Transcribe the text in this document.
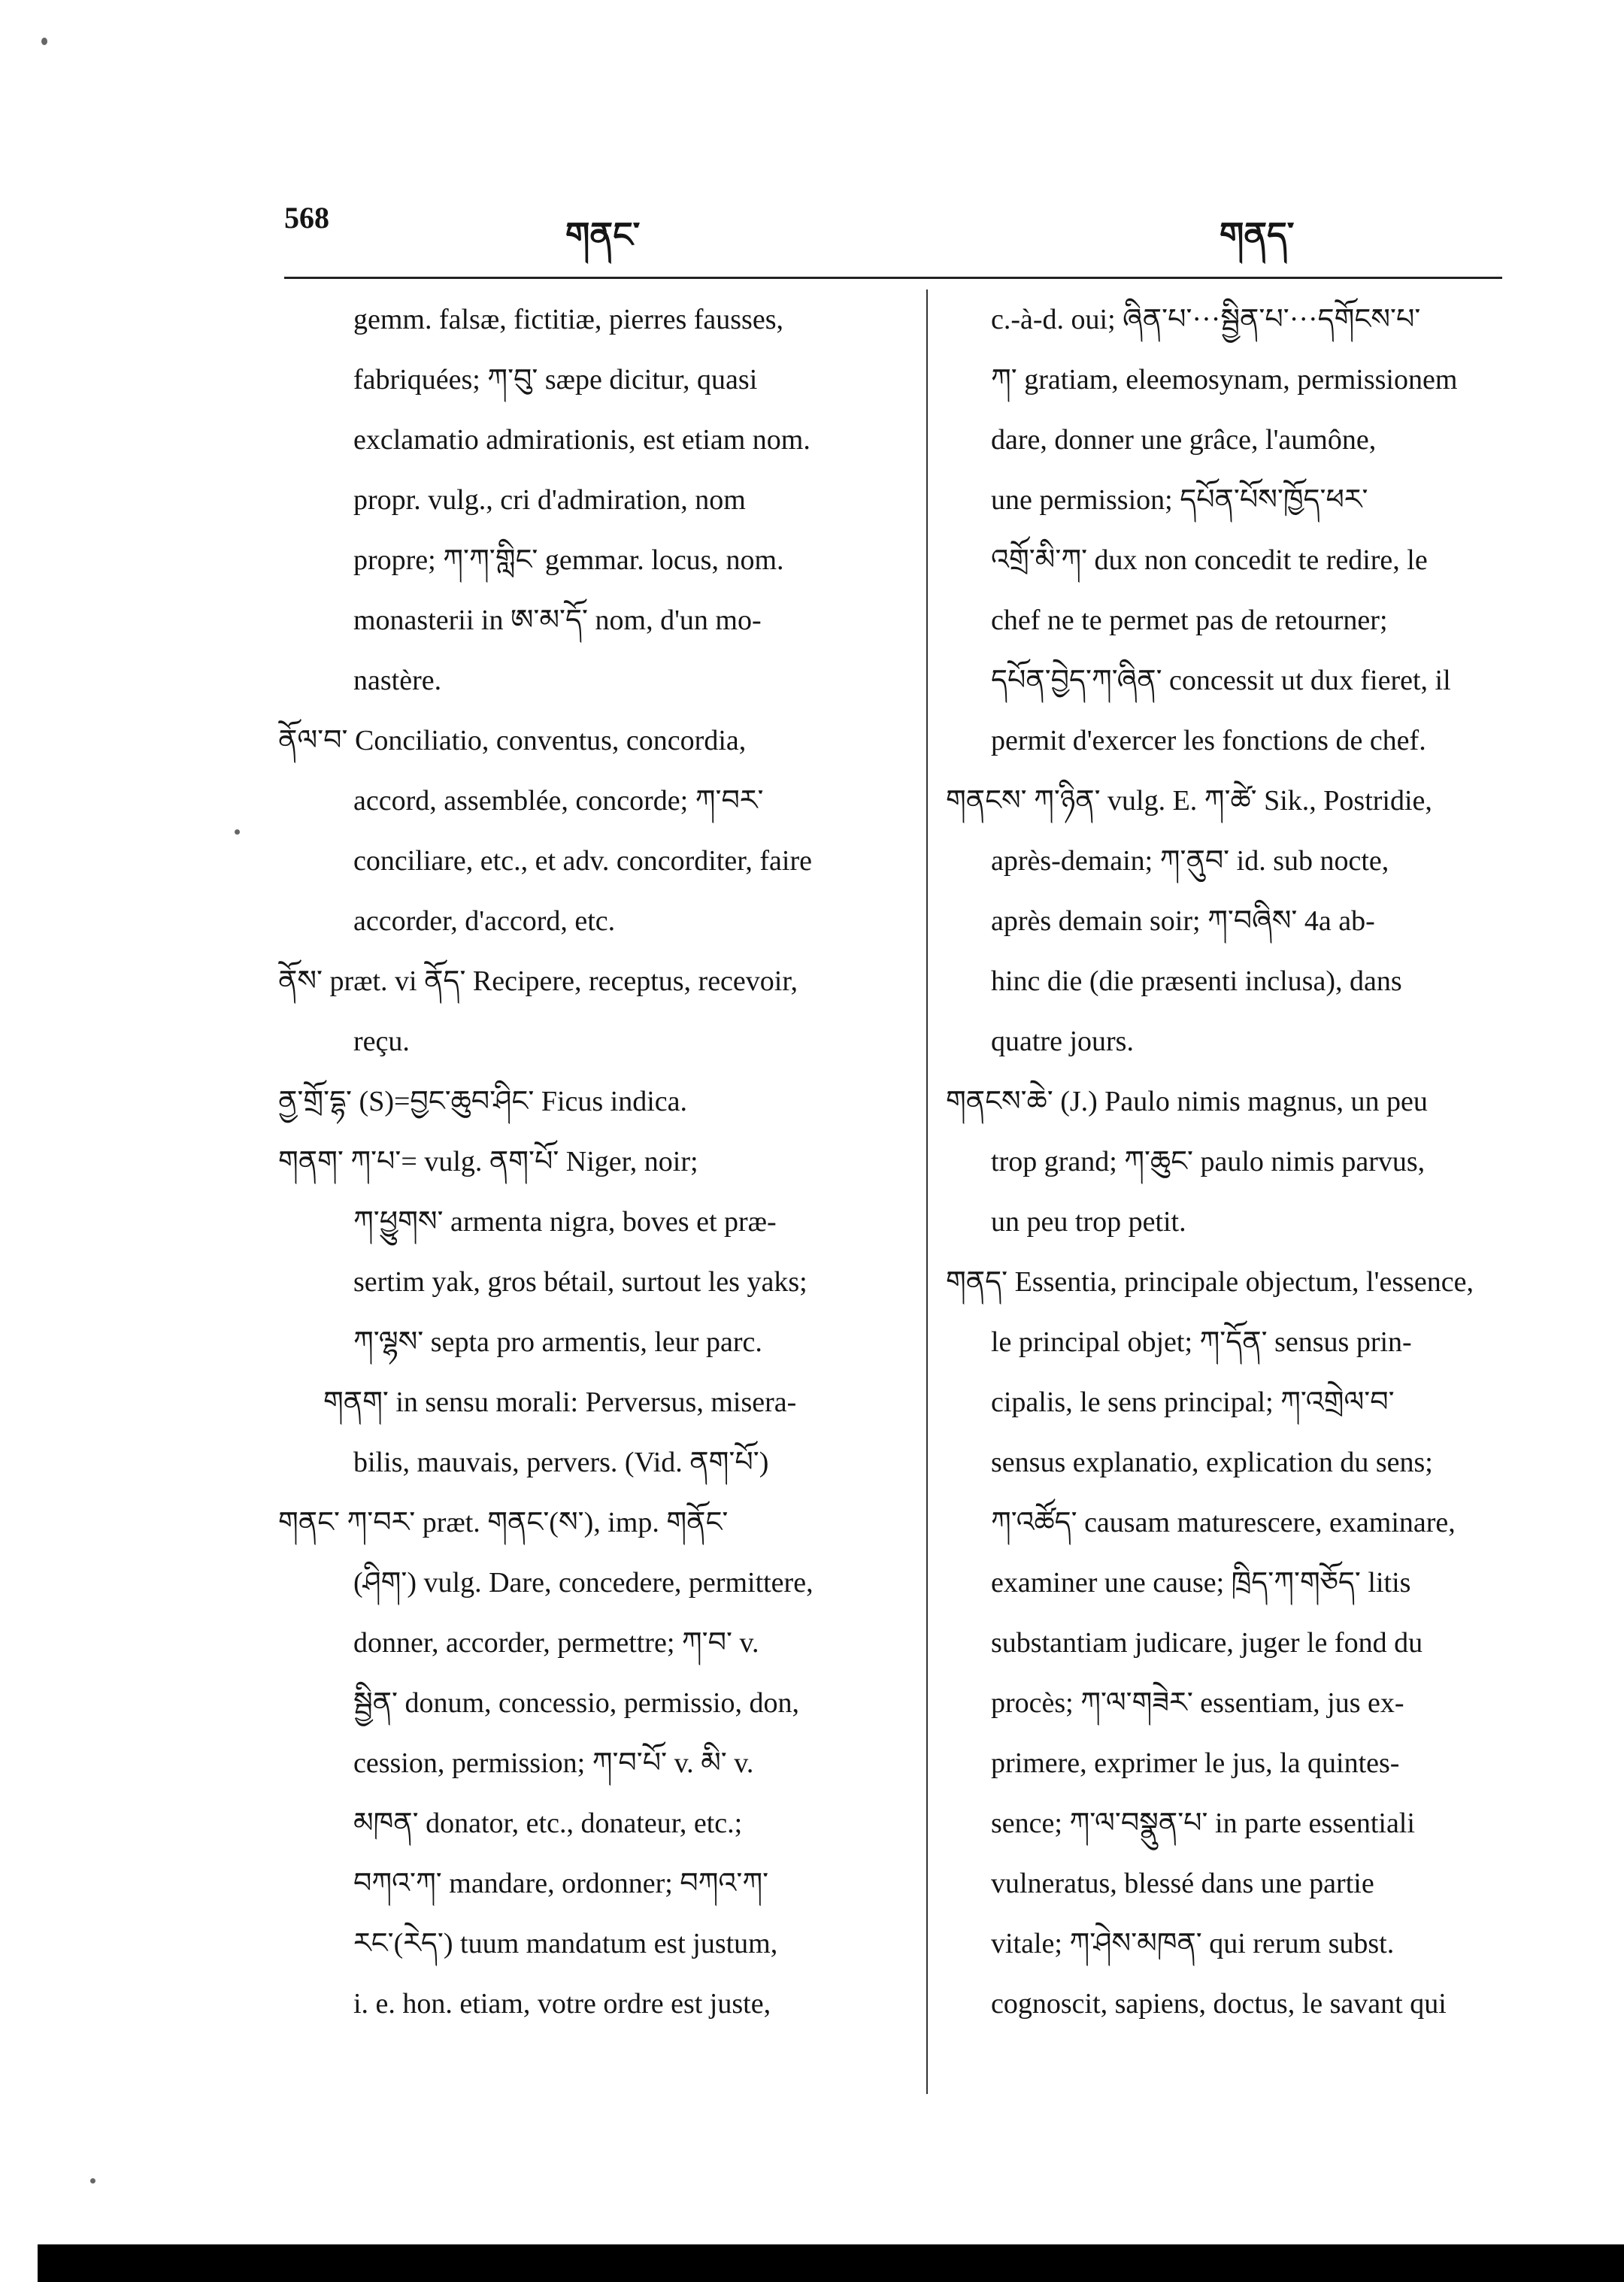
568	གནང་	གནད་
gemm. falsæ, fictitiæ, pierres fausses,
fabriquées; ཀ་བུ་ sæpe dicitur, quasi
exclamatio admirationis, est etiam nom.
propr. vulg., cri d'admiration, nom
propre; ཀ་ཀ་གླིང་ gemmar. locus, nom.
monasterii in ཨ་མ་དོ་ nom, d'un mo-
nastère.
ནོལ་བ་ Conciliatio, conventus, concordia,
accord, assemblée, concorde; ཀ་བར་
conciliare, etc., et adv. concorditer, faire
accorder, d'accord, etc.
ནོས་ præt. vi ནོད་ Recipere, receptus, recevoir,
reçu.
ནྱ་གྲོ་དྷ་ (S)=བྱང་ཆུབ་ཤིང་ Ficus indica.
གནག་ ཀ་པ་= vulg. ནག་པོ་ Niger, noir;
ཀ་ཕྱུགས་ armenta nigra, boves et præ-
sertim yak, gros bétail, surtout les yaks;
ཀ་ལྷས་ septa pro armentis, leur parc.
གནག་ in sensu morali: Perversus, misera-
bilis, mauvais, pervers. (Vid. ནག་པོ་)
གནང་ ཀ་བར་ præt. གནང་(ས་), imp. གནོང་
(ཤིག་) vulg. Dare, concedere, permittere,
donner, accorder, permettre; ཀ་བ་ v.
སྦྱིན་ donum, concessio, permissio, don,
cession, permission; ཀ་བ་པོ་ v. མི་ v.
མཁན་ donator, etc., donateur, etc.;
བཀའ་ཀ་ mandare, ordonner; བཀའ་ཀ་
རང་(རེད་) tuum mandatum est justum,
i. e. hon. etiam, votre ordre est juste,
c.-à-d. oui; ཞིན་པ་···སྦྱིན་པ་···དགོངས་པ་
ཀ་ gratiam, eleemosynam, permissionem
dare, donner une grâce, l'aumône,
une permission; དཔོན་པོས་ཁྱོད་ཕར་
འགྲོ་མི་ཀ་ dux non concedit te redire, le
chef ne te permet pas de retourner;
དཔོན་བྱེད་ཀ་ཞིན་ concessit ut dux fieret, il
permit d'exercer les fonctions de chef.
གནངས་ ཀ་ཉིན་ vulg. E. ཀ་ཚེ་ Sik., Postridie,
après-demain; ཀ་ནུབ་ id. sub nocte,
après demain soir; ཀ་བཞིས་ 4a ab-
hinc die (die præsenti inclusa), dans
quatre jours.
གནངས་ཆེ་ (J.) Paulo nimis magnus, un peu
trop grand; ཀ་ཆུང་ paulo nimis parvus,
un peu trop petit.
གནད་ Essentia, principale objectum, l'essence,
le principal objet; ཀ་དོན་ sensus prin-
cipalis, le sens principal; ཀ་འགྲེལ་བ་
sensus explanatio, explication du sens;
ཀ་འཚོད་ causam maturescere, examinare,
examiner une cause; ཁྲིད་ཀ་གཅོད་ litis
substantiam judicare, juger le fond du
procès; ཀ་ལ་གཟེར་ essentiam, jus ex-
primere, exprimer le jus, la quintes-
sence; ཀ་ལ་བསྣུན་པ་ in parte essentiali
vulneratus, blessé dans une partie
vitale; ཀ་ཤེས་མཁན་ qui rerum subst.
cognoscit, sapiens, doctus, le savant qui
